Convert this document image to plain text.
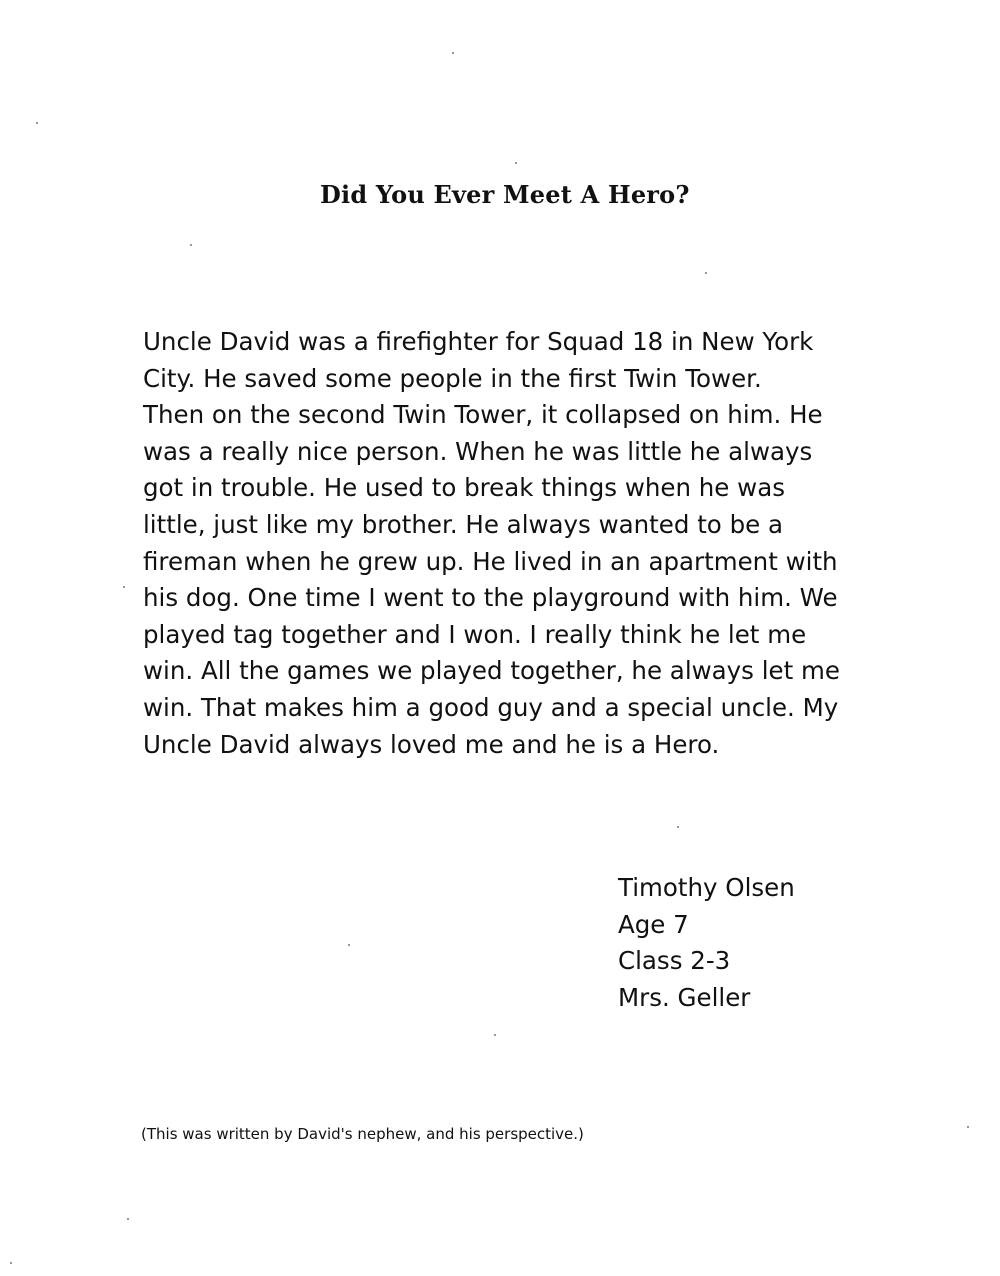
Did You Ever Meet A Hero?
Uncle David was a firefighter for Squad 18 in New York
City. He saved some people in the first Twin Tower.
Then on the second Twin Tower, it collapsed on him. He
was a really nice person. When he was little he always
got in trouble. He used to break things when he was
little, just like my brother. He always wanted to be a
fireman when he grew up. He lived in an apartment with
his dog. One time I went to the playground with him. We
played tag together and I won. I really think he let me
win. All the games we played together, he always let me
win. That makes him a good guy and a special uncle. My
Uncle David always loved me and he is a Hero.
Timothy Olsen
Age 7
Class 2-3
Mrs. Geller
(This was written by David's nephew, and his perspective.)
